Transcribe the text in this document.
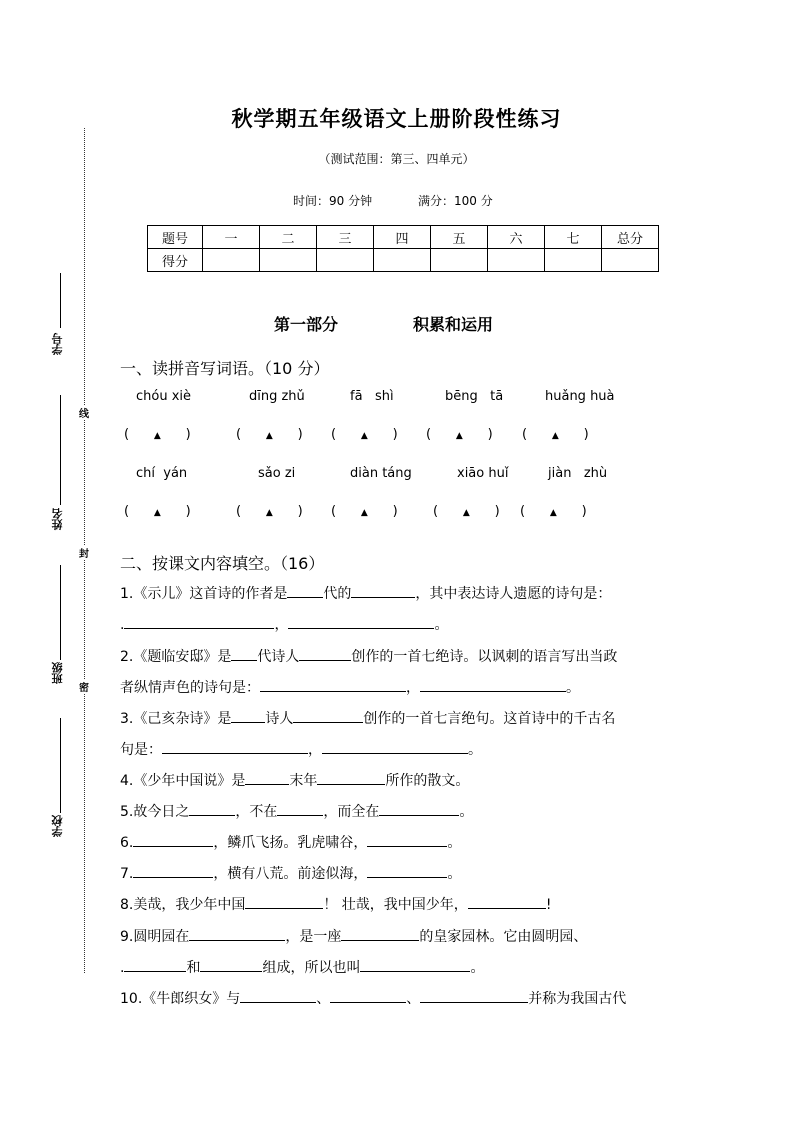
线
封
密
学号
姓名
班级
学校
秋学期五年级语文上册阶段性练习
（测试范围：第三、四单元）
时间：90 分钟	满分：100 分
题号	一	二	三	四	五	六	七	总分
得分								
第一部分	积累和运用
一、读拼音写词语。（10 分）
chóu xiè	dīng zhǔ	fā   shì	bēng   tā	huǎng huà
(      ▲      )	(      ▲      ) (      ▲      ) (      ▲      ) (      ▲      )
chí  yán	sǎo zi	diàn táng	xiāo huǐ	jiàn   zhù
(      ▲      )	(      ▲      ) (      ▲      )	(      ▲      ) (      ▲      )
二、按课文内容填空。（16）
1.《示儿》这首诗的作者是	代的	，其中表达诗人遗愿的诗句是：
.	，	。
2.《题临安邸》是 代诗人	创作的一首七绝诗。以讽刺的语言写出当政
者纵情声色的诗句是：	，	。
3.《己亥杂诗》是 诗人	创作的一首七言绝句。这首诗中的千古名
句是：	，	。
4.《少年中国说》是	末年	所作的散文。
5.故今日之	，不在	，而全在	。
6.	，鳞爪飞扬。乳虎啸谷，	。
7.	，横有八荒。前途似海，	。
8.美哉，我少年中国	！ 壮哉，我中国少年，	!
9.圆明园在	，是一座	的皇家园林。它由圆明园、
.	和	组成，所以也叫	。
10.《牛郎织女》与	、	、	并称为我国古代
